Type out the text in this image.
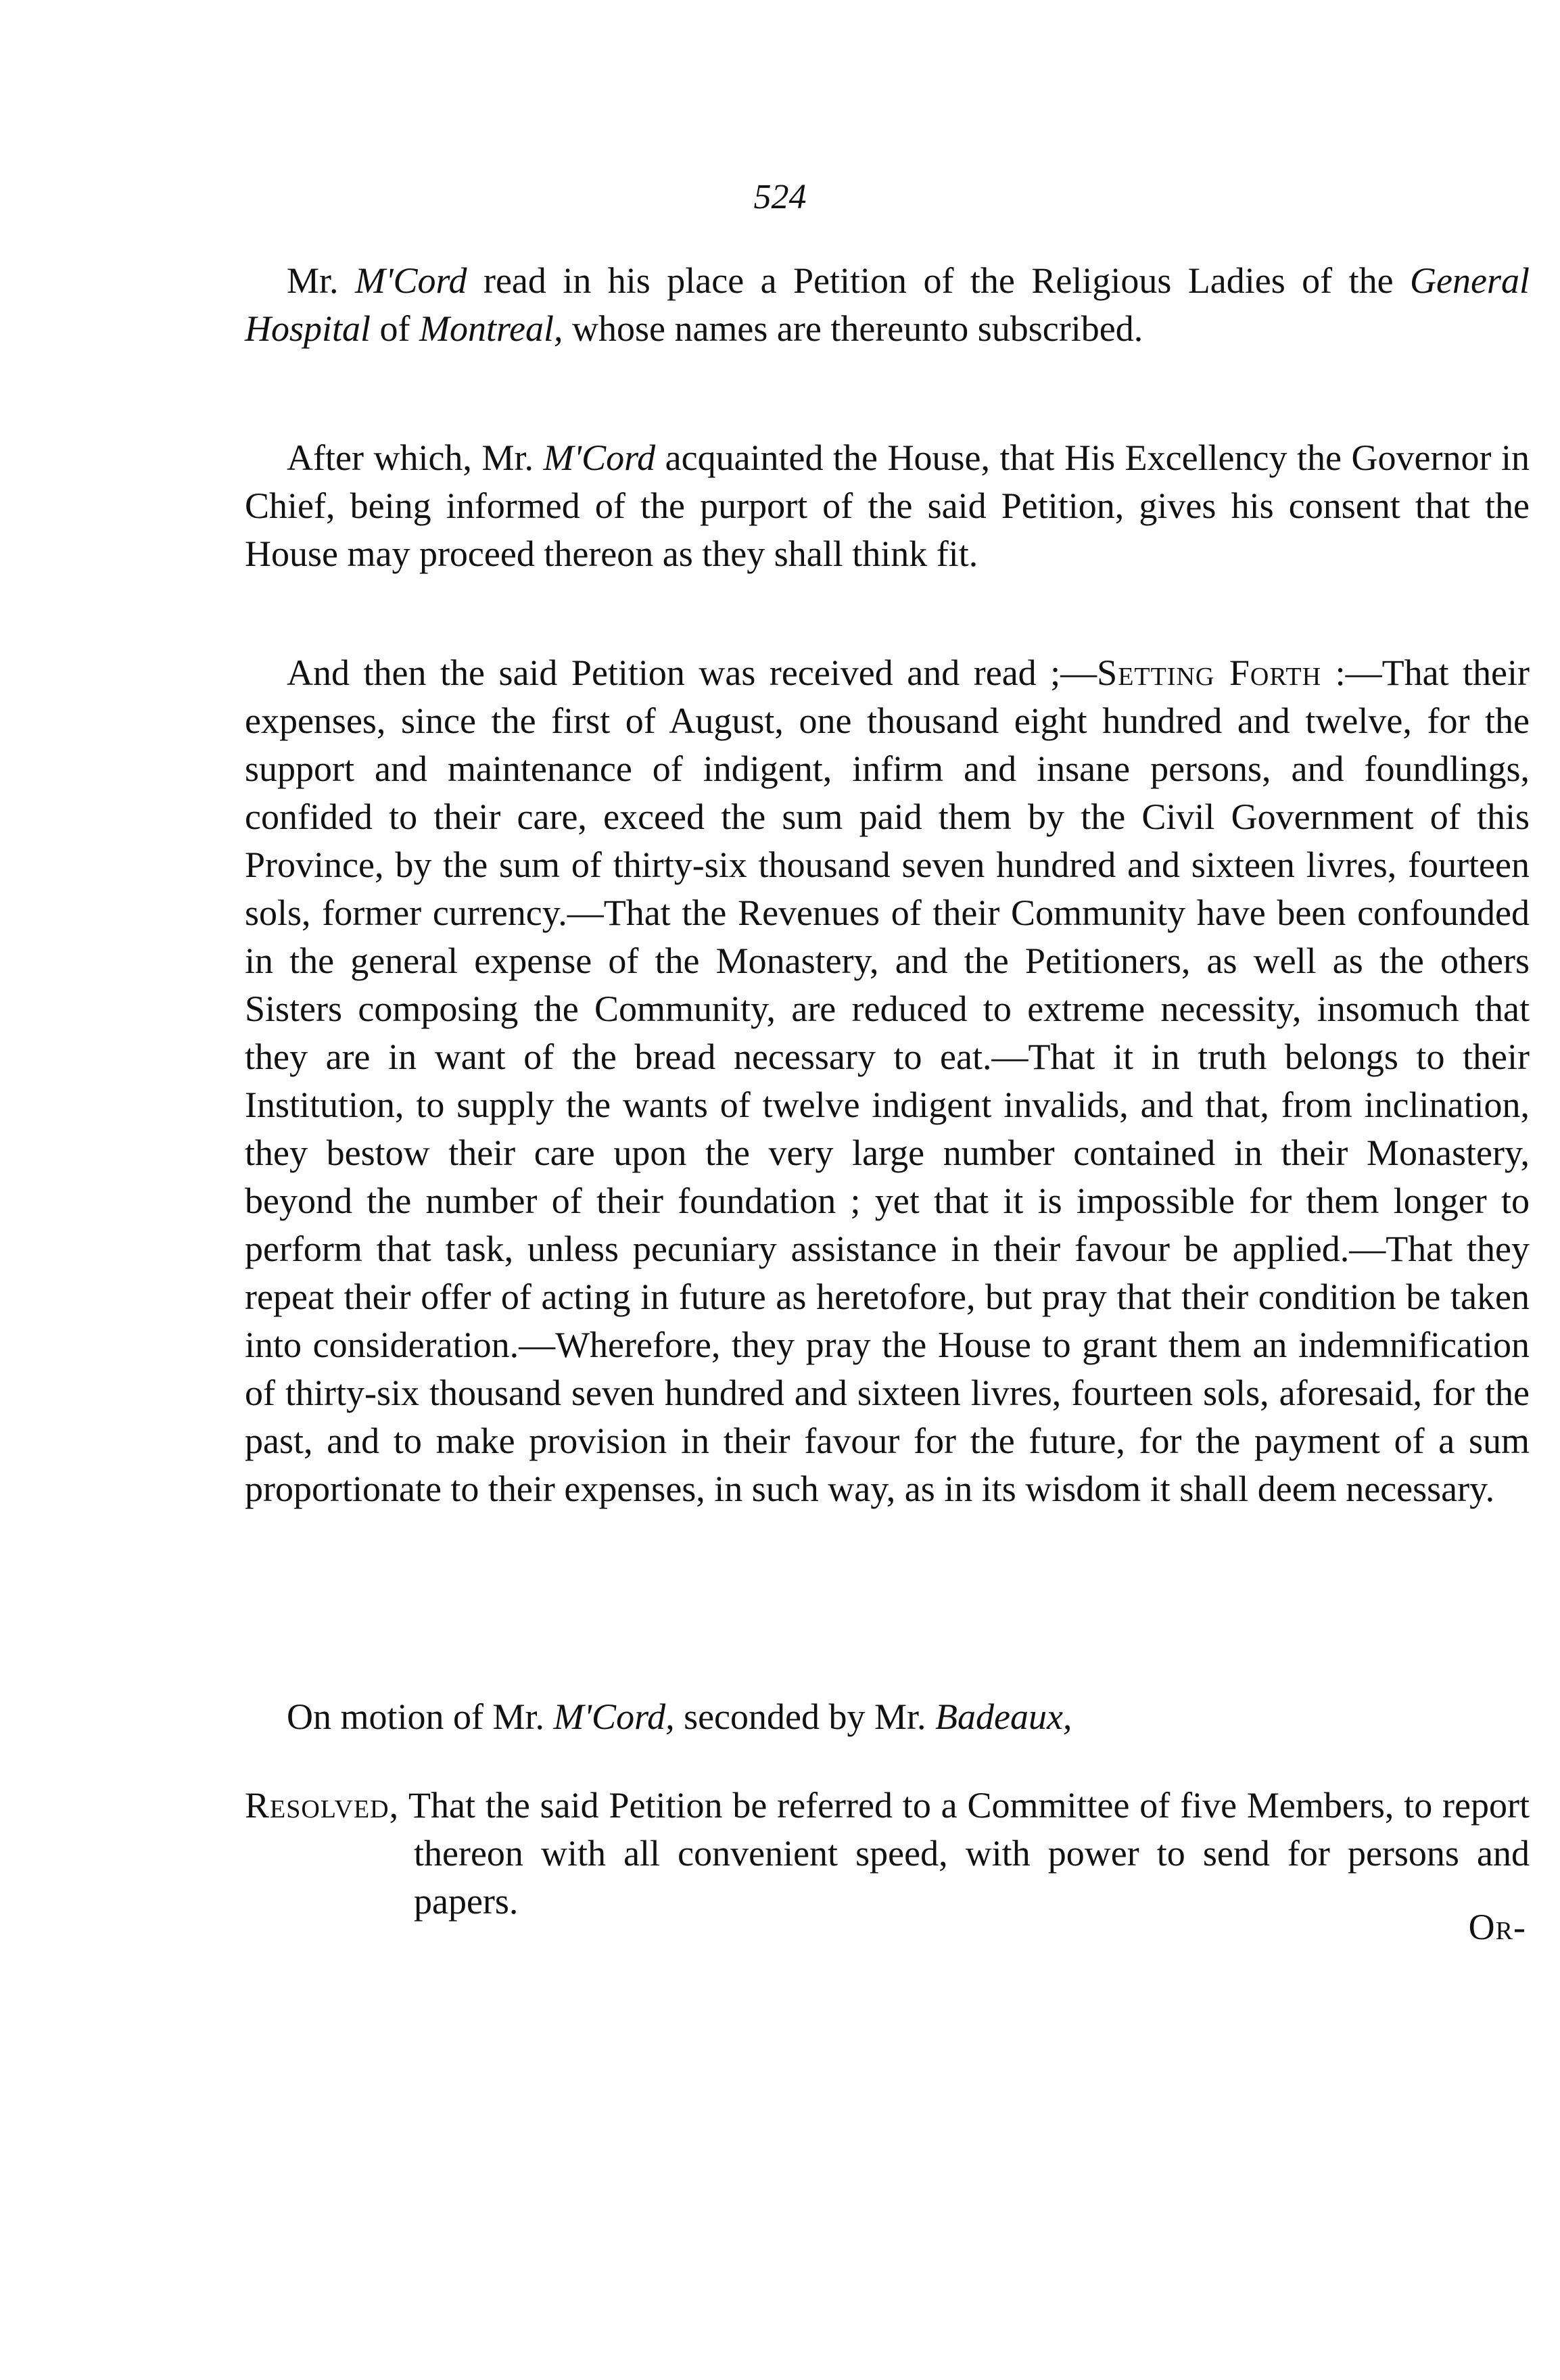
524

Mr. M'Cord read in his place a Petition of the Religious Ladies of the General Hospital of Montreal, whose names are thereunto subscribed.

After which, Mr. M'Cord acquainted the House, that His Excellency the Governor in Chief, being informed of the purport of the said Petition, gives his consent that the House may proceed thereon as they shall think fit.

And then the said Petition was received and read ;—Setting Forth :—That their expenses, since the first of August, one thousand eight hundred and twelve, for the support and maintenance of indigent, infirm and insane persons, and foundlings, confided to their care, exceed the sum paid them by the Civil Government of this Province, by the sum of thirty-six thousand seven hundred and sixteen livres, fourteen sols, former currency.—That the Revenues of their Community have been confounded in the general expense of the Monastery, and the Petitioners, as well as the others Sisters composing the Community, are reduced to extreme necessity, insomuch that they are in want of the bread necessary to eat.—That it in truth belongs to their Institution, to supply the wants of twelve indigent invalids, and that, from inclination, they bestow their care upon the very large number contained in their Monastery, beyond the number of their foundation ; yet that it is impossible for them longer to perform that task, unless pecuniary assistance in their favour be applied.—That they repeat their offer of acting in future as heretofore, but pray that their condition be taken into consideration.—Wherefore, they pray the House to grant them an indemnification of thirty-six thousand seven hundred and sixteen livres, fourteen sols, aforesaid, for the past, and to make provision in their favour for the future, for the payment of a sum proportionate to their expenses, in such way, as in its wisdom it shall deem necessary.

On motion of Mr. M'Cord, seconded by Mr. Badeaux,

Resolved, That the said Petition be referred to a Committee of five Members, to report thereon with all convenient speed, with power to send for persons and papers.

Or-
